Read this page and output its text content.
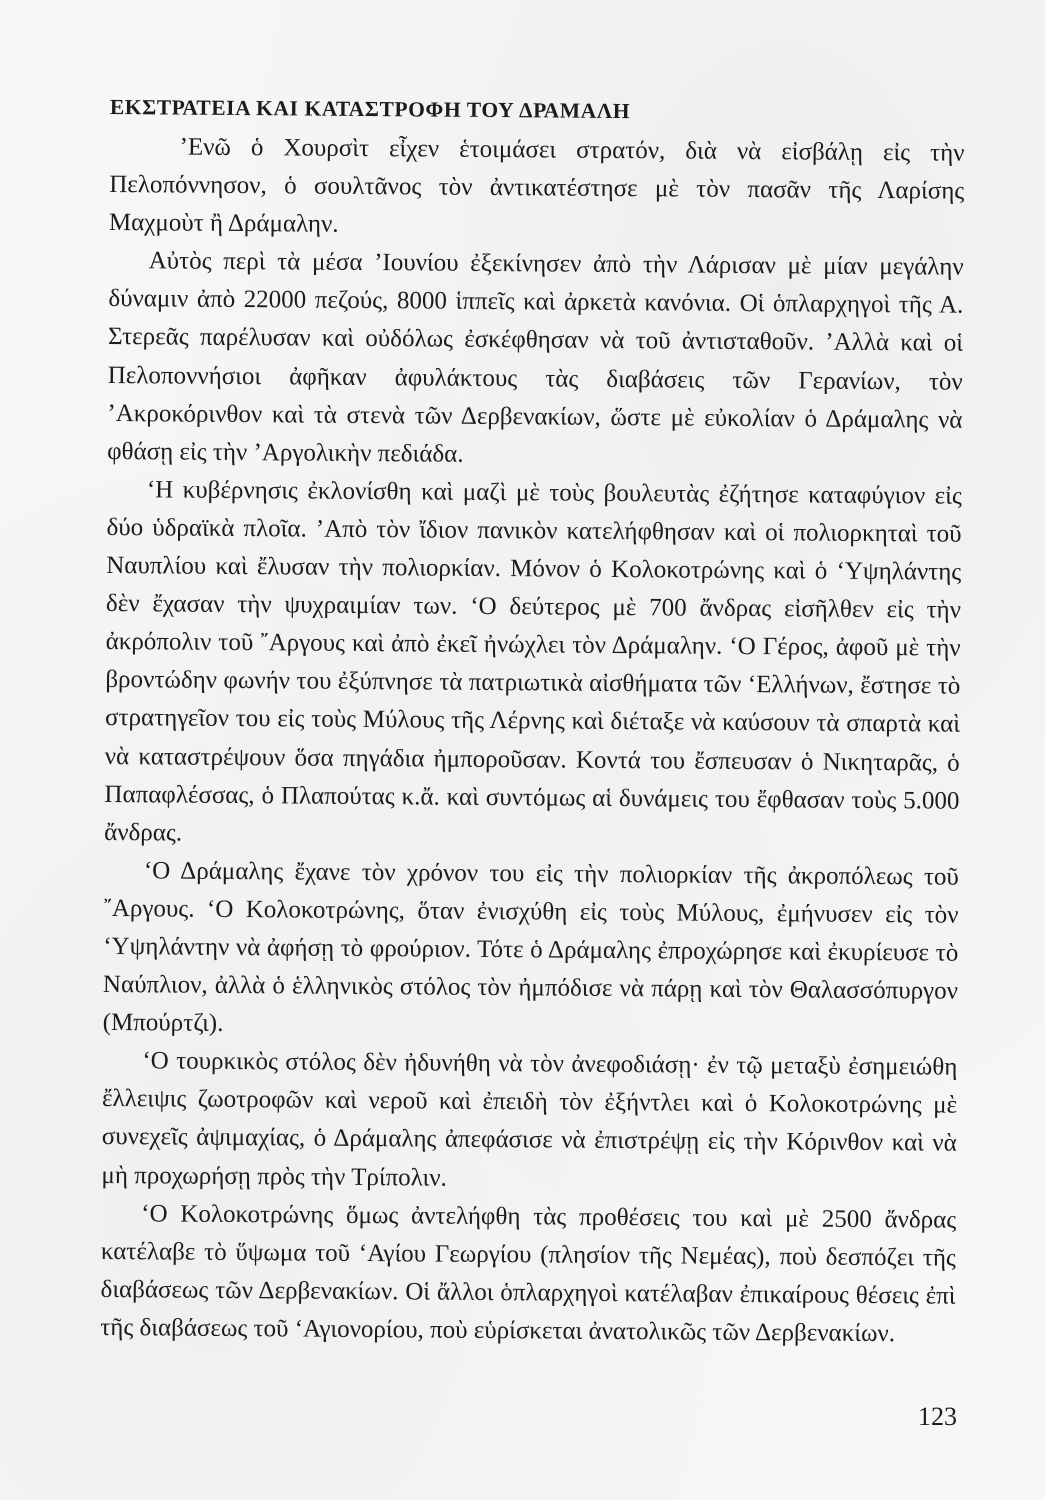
ΕΚΣΤΡΑΤΕΙΑ ΚΑΙ ΚΑΤΑΣΤΡΟΦΗ ΤΟΥ ΔΡΑΜΑΛΗ

’Ενῶ ὁ Χουρσὶτ εἶχεν ἑτοιμάσει στρατόν, διὰ νὰ εἰσβάλῃ εἰς τὴν Πελοπόννησον, ὁ σουλτᾶνος τὸν ἀντικατέστησε μὲ τὸν πασᾶν τῆς Λαρίσης Μαχμοὺτ ἢ Δράμαλην.

Αὐτὸς περὶ τὰ μέσα ’Ιουνίου ἐξεκίνησεν ἀπὸ τὴν Λάρισαν μὲ μίαν μεγάλην δύναμιν ἀπὸ 22000 πεζούς, 8000 ἱππεῖς καὶ ἀρκετὰ κανόνια. Οἱ ὁπλαρχηγοὶ τῆς Α. Στερεᾶς παρέλυσαν καὶ οὐδόλως ἐσκέφθησαν νὰ τοῦ ἀντισταθοῦν. ’Αλλὰ καὶ οἱ Πελοποννήσιοι ἀφῆκαν ἀφυλάκτους τὰς διαβάσεις τῶν Γερανίων, τὸν ’Ακροκόρινθον καὶ τὰ στενὰ τῶν Δερβενακίων, ὥστε μὲ εὐκολίαν ὁ Δράμαλης νὰ φθάσῃ εἰς τὴν ’Αργολικὴν πεδιάδα.

‘Η κυβέρνησις ἐκλονίσθη καὶ μαζὶ μὲ τοὺς βουλευτὰς ἐζήτησε καταφύγιον εἰς δύο ὑδραϊκὰ πλοῖα. ’Απὸ τὸν ἴδιον πανικὸν κατελήφθησαν καὶ οἱ πολιορκηταὶ τοῦ Ναυπλίου καὶ ἔλυσαν τὴν πολιορκίαν. Μόνον ὁ Κολοκοτρώνης καὶ ὁ ‘Υψηλάντης δὲν ἔχασαν τὴν ψυχραιμίαν των. ‘Ο δεύτερος μὲ 700 ἄνδρας εἰσῆλθεν εἰς τὴν ἀκρόπολιν τοῦ ῎Αργους καὶ ἀπὸ ἐκεῖ ἠνώχλει τὸν Δράμαλην. ‘Ο Γέρος, ἀφοῦ μὲ τὴν βροντώδην φωνήν του ἐξύπνησε τὰ πατριωτικὰ αἰσθήματα τῶν ‘Ελλήνων, ἔστησε τὸ στρατηγεῖον του εἰς τοὺς Μύλους τῆς Λέρνης καὶ διέταξε νὰ καύσουν τὰ σπαρτὰ καὶ νὰ καταστρέψουν ὅσα πηγάδια ἠμποροῦσαν. Κοντά του ἔσπευσαν ὁ Νικηταρᾶς, ὁ Παπαφλέσσας, ὁ Πλαπούτας κ.ἄ. καὶ συντόμως αἱ δυνάμεις του ἔφθασαν τοὺς 5.000 ἄνδρας.

‘Ο Δράμαλης ἔχανε τὸν χρόνον του εἰς τὴν πολιορκίαν τῆς ἀκροπόλεως τοῦ ῎Αργους. ‘Ο Κολοκοτρώνης, ὅταν ἐνισχύθη εἰς τοὺς Μύλους, ἐμήνυσεν εἰς τὸν ‘Υψηλάντην νὰ ἀφήσῃ τὸ φρούριον. Τότε ὁ Δράμαλης ἐπροχώρησε καὶ ἐκυρίευσε τὸ Ναύπλιον, ἀλλὰ ὁ ἑλληνικὸς στόλος τὸν ἠμπόδισε νὰ πάρῃ καὶ τὸν Θαλασσόπυργον (Μπούρτζι).

‘Ο τουρκικὸς στόλος δὲν ἠδυνήθη νὰ τὸν ἀνεφοδιάσῃ· ἐν τῷ μεταξὺ ἐσημειώθη ἔλλειψις ζωοτροφῶν καὶ νεροῦ καὶ ἐπειδὴ τὸν ἐξήντλει καὶ ὁ Κολοκοτρώνης μὲ συνεχεῖς ἀψιμαχίας, ὁ Δράμαλης ἀπεφάσισε νὰ ἐπιστρέψῃ εἰς τὴν Κόρινθον καὶ νὰ μὴ προχωρήσῃ πρὸς τὴν Τρίπολιν.

‘Ο Κολοκοτρώνης ὅμως ἀντελήφθη τὰς προθέσεις του καὶ μὲ 2500 ἄνδρας κατέλαβε τὸ ὕψωμα τοῦ ‘Αγίου Γεωργίου (πλησίον τῆς Νεμέας), ποὺ δεσπόζει τῆς διαβάσεως τῶν Δερβενακίων. Οἱ ἄλλοι ὁπλαρχηγοὶ κατέλαβαν ἐπικαίρους θέσεις ἐπὶ τῆς διαβάσεως τοῦ ‘Αγιονορίου, ποὺ εὑρίσκεται ἀνατολικῶς τῶν Δερβενακίων.

123
